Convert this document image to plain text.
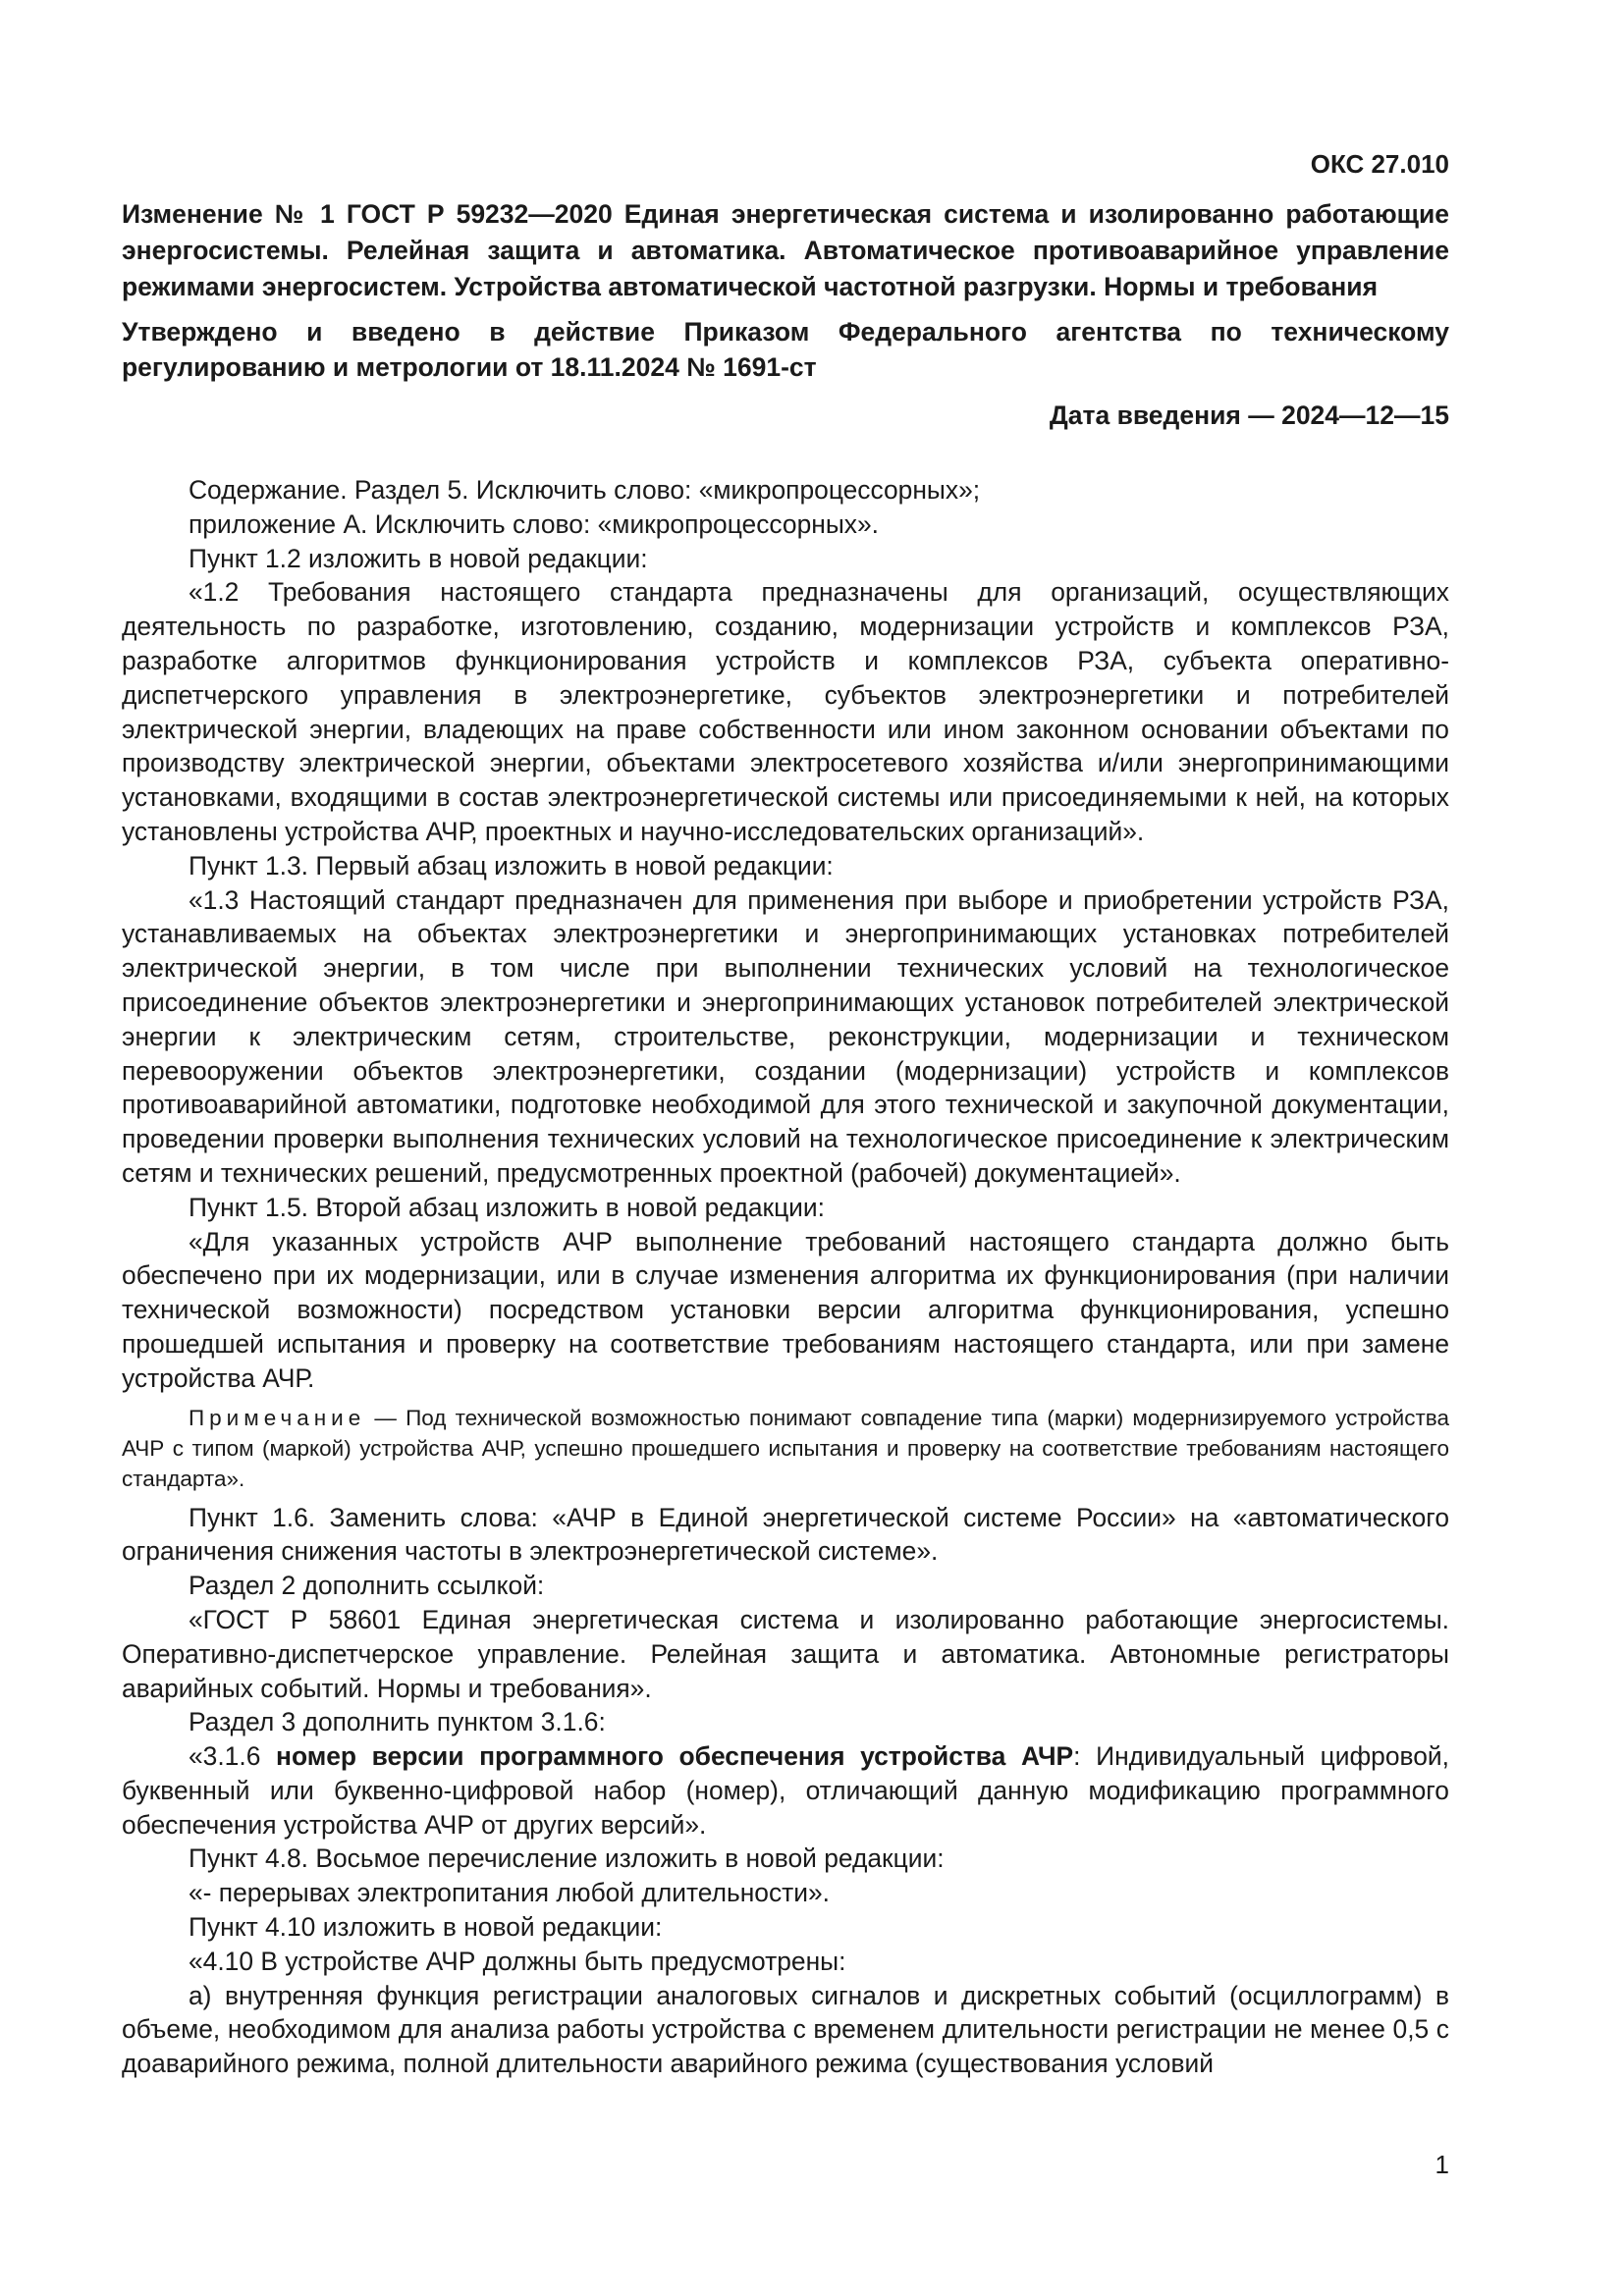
ОКС 27.010
Изменение № 1 ГОСТ Р 59232—2020 Единая энергетическая система и изолированно работающие энергосистемы. Релейная защита и автоматика. Автоматическое противоаварийное управление режимами энергосистем. Устройства автоматической частотной разгрузки. Нормы и требования
Утверждено и введено в действие Приказом Федерального агентства по техническому регулированию и метрологии от 18.11.2024 № 1691-ст
Дата введения — 2024—12—15

Содержание. Раздел 5. Исключить слово: «микропроцессорных»;

приложение А. Исключить слово: «микропроцессорных».

Пункт 1.2 изложить в новой редакции:

«1.2 Требования настоящего стандарта предназначены для организаций, осуществляющих деятельность по разработке, изготовлению, созданию, модернизации устройств и комплексов РЗА, разработке алгоритмов функционирования устройств и комплексов РЗА, субъекта оперативно-диспетчерского управления в электроэнергетике, субъектов электроэнергетики и потребителей электрической энергии, владеющих на праве собственности или ином законном основании объектами по производству электрической энергии, объектами электросетевого хозяйства и/или энергопринимающими установками, входящими в состав электроэнергетической системы или присоединяемыми к ней, на которых установлены устройства АЧР, проектных и научно-исследовательских организаций».

Пункт 1.3. Первый абзац изложить в новой редакции:

«1.3 Настоящий стандарт предназначен для применения при выборе и приобретении устройств РЗА, устанавливаемых на объектах электроэнергетики и энергопринимающих установках потребителей электрической энергии, в том числе при выполнении технических условий на технологическое присоединение объектов электроэнергетики и энергопринимающих установок потребителей электрической энергии к электрическим сетям, строительстве, реконструкции, модернизации и техническом перевооружении объектов электроэнергетики, создании (модернизации) устройств и комплексов противоаварийной автоматики, подготовке необходимой для этого технической и закупочной документации, проведении проверки выполнения технических условий на технологическое присоединение к электрическим сетям и технических решений, предусмотренных проектной (рабочей) документацией».

Пункт 1.5. Второй абзац изложить в новой редакции:

«Для указанных устройств АЧР выполнение требований настоящего стандарта должно быть обеспечено при их модернизации, или в случае изменения алгоритма их функционирования (при наличии технической возможности) посредством установки версии алгоритма функционирования, успешно прошедшей испытания и проверку на соответствие требованиям настоящего стандарта, или при замене устройства АЧР.

Примечание — Под технической возможностью понимают совпадение типа (марки) модернизируемого устройства АЧР с типом (маркой) устройства АЧР, успешно прошедшего испытания и проверку на соответствие требованиям настоящего стандарта».

Пункт 1.6. Заменить слова: «АЧР в Единой энергетической системе России» на «автоматического ограничения снижения частоты в электроэнергетической системе».

Раздел 2 дополнить ссылкой:

«ГОСТ Р 58601 Единая энергетическая система и изолированно работающие энергосистемы. Оперативно-диспетчерское управление. Релейная защита и автоматика. Автономные регистраторы аварийных событий. Нормы и требования».

Раздел 3 дополнить пунктом 3.1.6:

«3.1.6 номер версии программного обеспечения устройства АЧР: Индивидуальный цифровой, буквенный или буквенно-цифровой набор (номер), отличающий данную модификацию программного обеспечения устройства АЧР от других версий».

Пункт 4.8. Восьмое перечисление изложить в новой редакции:

«- перерывах электропитания любой длительности».

Пункт 4.10 изложить в новой редакции:

«4.10 В устройстве АЧР должны быть предусмотрены:

а) внутренняя функция регистрации аналоговых сигналов и дискретных событий (осциллограмм) в объеме, необходимом для анализа работы устройства с временем длительности регистрации не менее 0,5 с доаварийного режима, полной длительности аварийного режима (существования условий

1
